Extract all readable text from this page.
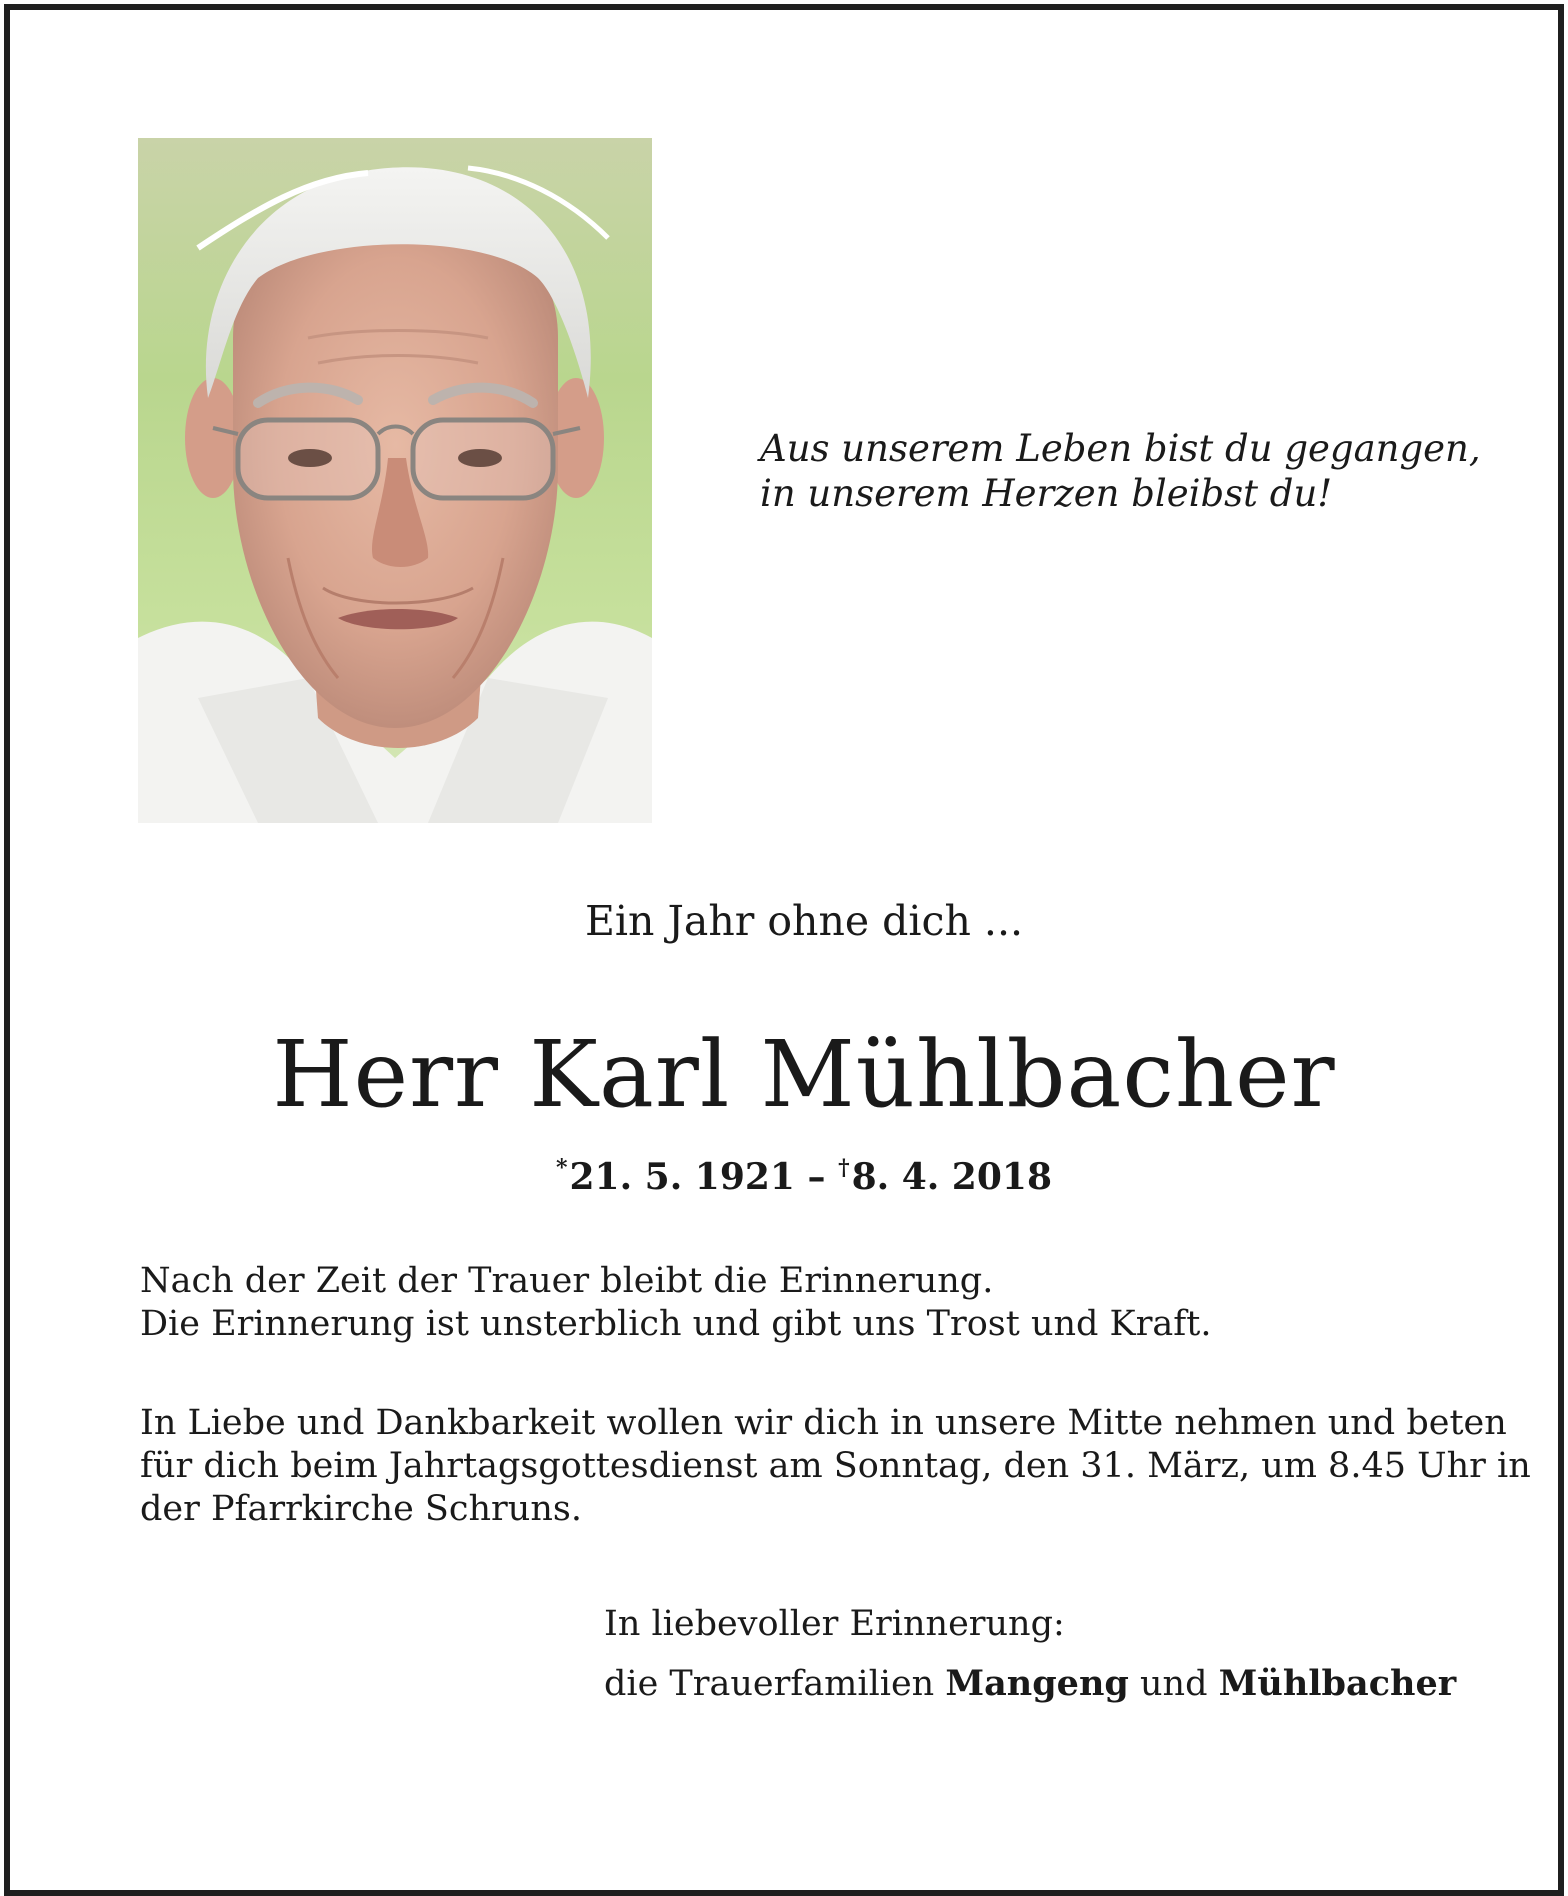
Aus unserem Leben bist du gegangen,
in unserem Herzen bleibst du!
Ein Jahr ohne dich ...
Herr Karl Mühlbacher
*21. 5. 1921 – †8. 4. 2018
Nach der Zeit der Trauer bleibt die Erinnerung.
Die Erinnerung ist unsterblich und gibt uns Trost und Kraft.
In Liebe und Dankbarkeit wollen wir dich in unsere Mitte nehmen und beten
für dich beim Jahrtagsgottesdienst am Sonntag, den 31. März, um 8.45 Uhr in
der Pfarrkirche Schruns.
In liebevoller Erinnerung:
die Trauerfamilien Mangeng und Mühlbacher
